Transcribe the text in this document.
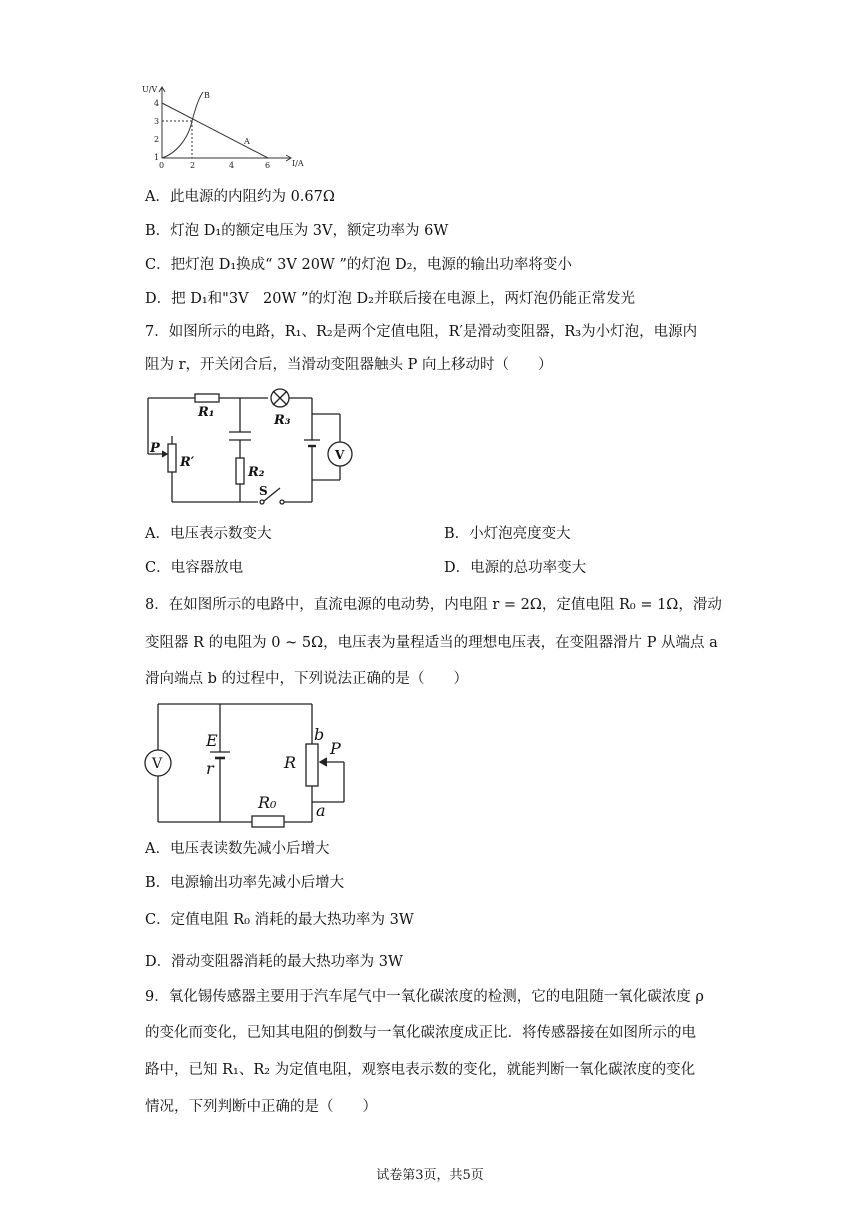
U/V
I/A
B
A
4
3
2
1
0	2	4	6
A．此电源的内阻约为 0.67Ω
B．灯泡 D₁的额定电压为 3V，额定功率为 6W
C．把灯泡 D₁换成“ 3V 20W ”的灯泡 D₂，电源的输出功率将变小
D．把 D₁和"3V　20W ”的灯泡 D₂并联后接在电源上，两灯泡仍能正常发光
7．如图所示的电路，R₁、R₂是两个定值电阻，R′是滑动变阻器，R₃为小灯泡，电源内
阻为 r，开关闭合后，当滑动变阻器触头 P 向上移动时（　　）
R₁
R₃
R₂
R′
P
S
V
A．电压表示数变大	B．小灯泡亮度变大
C．电容器放电	D．电源的总功率变大
8．在如图所示的电路中，直流电源的电动势，内电阻 r = 2Ω，定值电阻 R₀ = 1Ω，滑动
变阻器 R 的电阻为 0 ~ 5Ω，电压表为量程适当的理想电压表，在变阻器滑片 P 从端点 a
滑向端点 b 的过程中，下列说法正确的是（　　）
E
r	R
b
P
a
R₀
V
A．电压表读数先减小后增大
B．电源输出功率先减小后增大
C．定值电阻 R₀ 消耗的最大热功率为 3W
D．滑动变阻器消耗的最大热功率为 3W
9．氧化锡传感器主要用于汽车尾气中一氧化碳浓度的检测，它的电阻随一氧化碳浓度 ρ
的变化而变化，已知其电阻的倒数与一氧化碳浓度成正比．将传感器接在如图所示的电
路中，已知 R₁、R₂ 为定值电阻，观察电表示数的变化，就能判断一氧化碳浓度的变化
情况，下列判断中正确的是（　　）
试卷第3页，共5页
